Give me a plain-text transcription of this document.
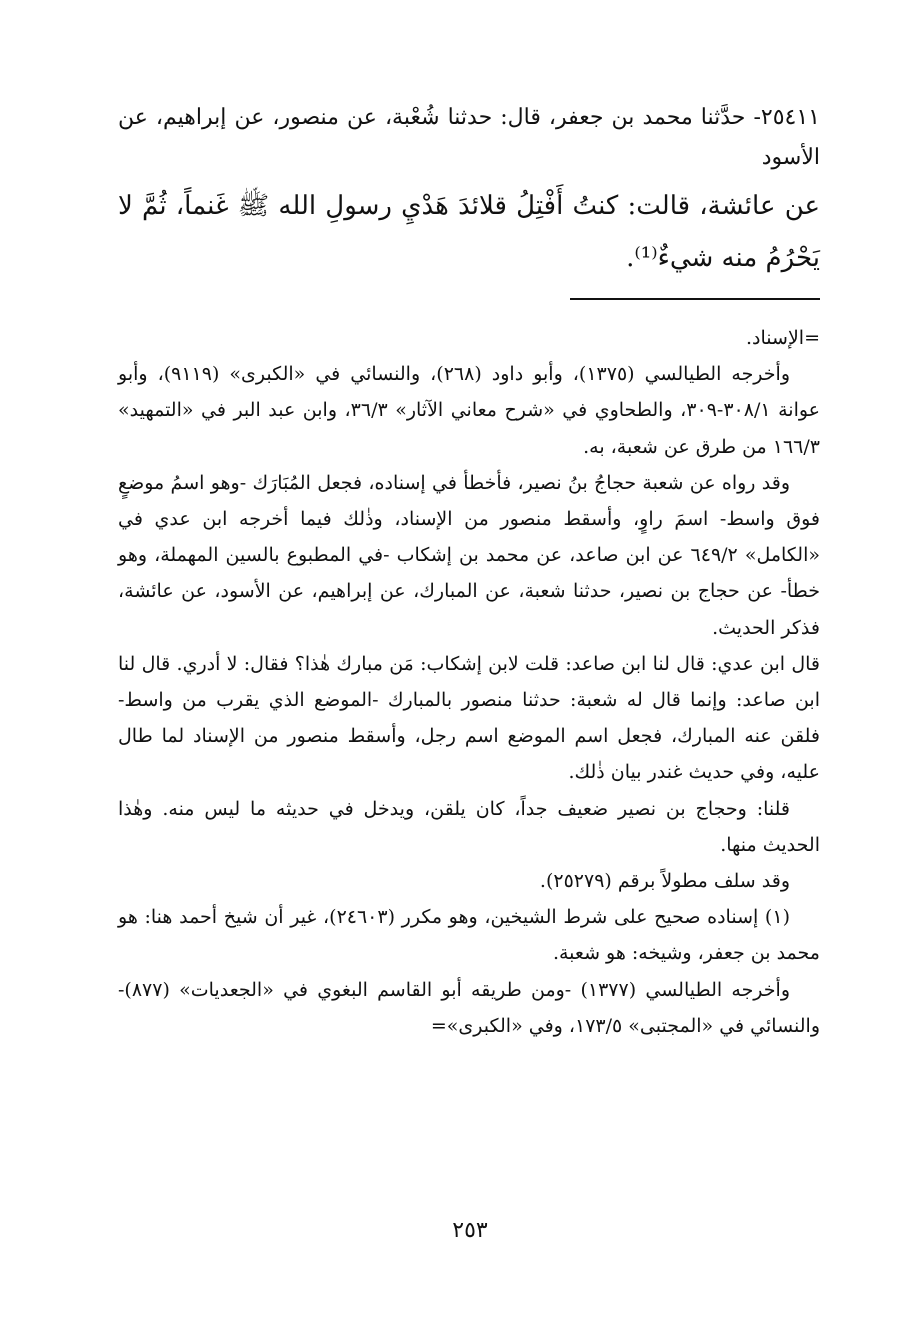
٢٥٤١١- حدَّثنا محمد بن جعفر، قال: حدثنا شُعْبة، عن منصور، عن إبراهيم، عن الأسود

عن عائشة، قالت: كنتُ أَفْتِلُ قلائدَ هَدْيِ رسولِ الله ﷺ غَنماً، ثُمَّ لا يَحْرُمُ منه شيءٌ⁽¹⁾.

=الإسناد.

وأخرجه الطيالسي (١٣٧٥)، وأبو داود (٢٦٨)، والنسائي في «الكبرى» (٩١١٩)، وأبو عوانة ٣٠٨/١-٣٠٩، والطحاوي في «شرح معاني الآثار» ٣٦/٣، وابن عبد البر في «التمهيد» ١٦٦/٣ من طرق عن شعبة، به.

وقد رواه عن شعبة حجاجُ بنُ نصير، فأخطأ في إسناده، فجعل المُبَارَك -وهو اسمُ موضعٍ فوق واسط- اسمَ راوٍ، وأسقط منصور من الإسناد، وذٰلك فيما أخرجه ابن عدي في «الكامل» ٦٤٩/٢ عن ابن صاعد، عن محمد بن إشكاب -في المطبوع بالسين المهملة، وهو خطأ- عن حجاج بن نصير، حدثنا شعبة، عن المبارك، عن إبراهيم، عن الأسود، عن عائشة، فذكر الحديث.

قال ابن عدي: قال لنا ابن صاعد: قلت لابن إشكاب: مَن مبارك هٰذا؟ فقال: لا أدري. قال لنا ابن صاعد: وإنما قال له شعبة: حدثنا منصور بالمبارك -الموضع الذي يقرب من واسط- فلقن عنه المبارك، فجعل اسم الموضع اسم رجل، وأسقط منصور من الإسناد لما طال عليه، وفي حديث غندر بيان ذٰلك.

قلنا: وحجاج بن نصير ضعيف جداً، كان يلقن، ويدخل في حديثه ما ليس منه. وهٰذا الحديث منها.

وقد سلف مطولاً برقم (٢٥٢٧٩).

(١) إسناده صحيح على شرط الشيخين، وهو مكرر (٢٤٦٠٣)، غير أن شيخ أحمد هنا: هو محمد بن جعفر، وشيخه: هو شعبة.

وأخرجه الطيالسي (١٣٧٧) -ومن طريقه أبو القاسم البغوي في «الجعديات» (٨٧٧)- والنسائي في «المجتبى» ١٧٣/٥، وفي «الكبرى»=

٢٥٣
